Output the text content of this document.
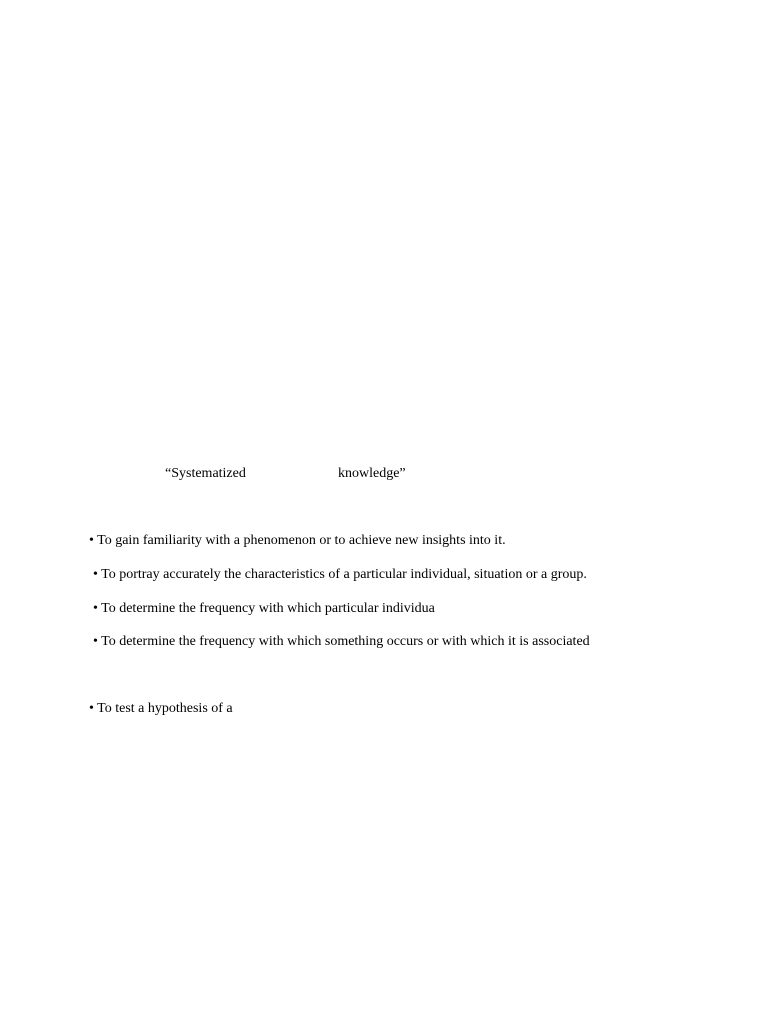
“Systematized	knowledge”
• To gain familiarity with a phenomenon or to achieve new insights into it.
• To portray accurately the characteristics of a particular individual, situation or a group.
• To determine the frequency with which particular individua
• To determine the frequency with which something occurs or with which it is associated
• To test a hypothesis of a
